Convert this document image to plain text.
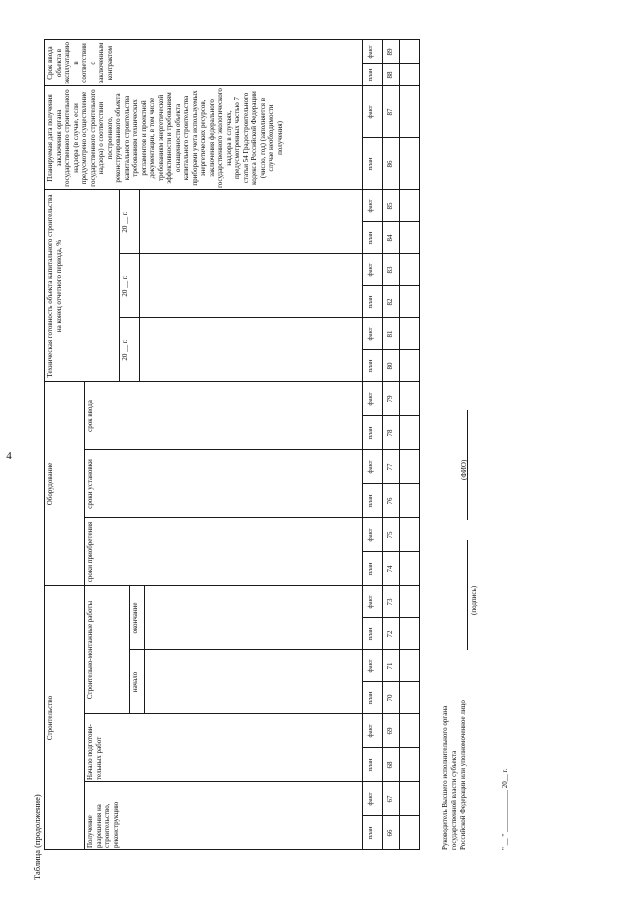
4
Таблица (продолжение)
Строительство
Оборудование
Техническая готовность объекта капитального строительства на конец отчетного периода, %
Планируемая дата получения заключения органа государственного строительного надзора (в случае, если предусмотрено осуществление государственного строительного надзора) о соответствии построенного, реконструированного объекта капитального строительства требованиям технических регламентов и проектной документации, в том числе требованиям энергетической эффективности и требованиям оснащенности объекта капитального строительства приборами учета используемых энергетических ресурсов, заключения федерального государственного экологического надзора в случаях, предусмотренных частью 7 статьи 54 Градостроительного кодекса Российской Федерации (число, год) (заполняется в случае необходимости получения)
Срок ввода объекта в эксплуатацию в соответствии с заключенным контрактом
Получение разрешения на строительство, реконструкцию
Начало подготови-тельных работ
Строительно-монтажные работы	начало
окончание
сроки приобретения
сроки установки
срок ввода
20 __ г.
20 __ г.
20 __ г.
план 66
факт 67
план 68
факт 69
план 70
факт 71
план 72
факт 73
план 74
факт 75
план 76
факт 77
план 78
факт 79
план 80
факт 81
план 82
факт 83
план 84
факт 85
план 86
факт 87
план 88
факт 89
Руководитель Высшего исполнительного органа государственной власти субъекта Российской Федерации или уполномоченное лицо
(подпись)
(ФИО)
" __ " ____________ 20__ г.
